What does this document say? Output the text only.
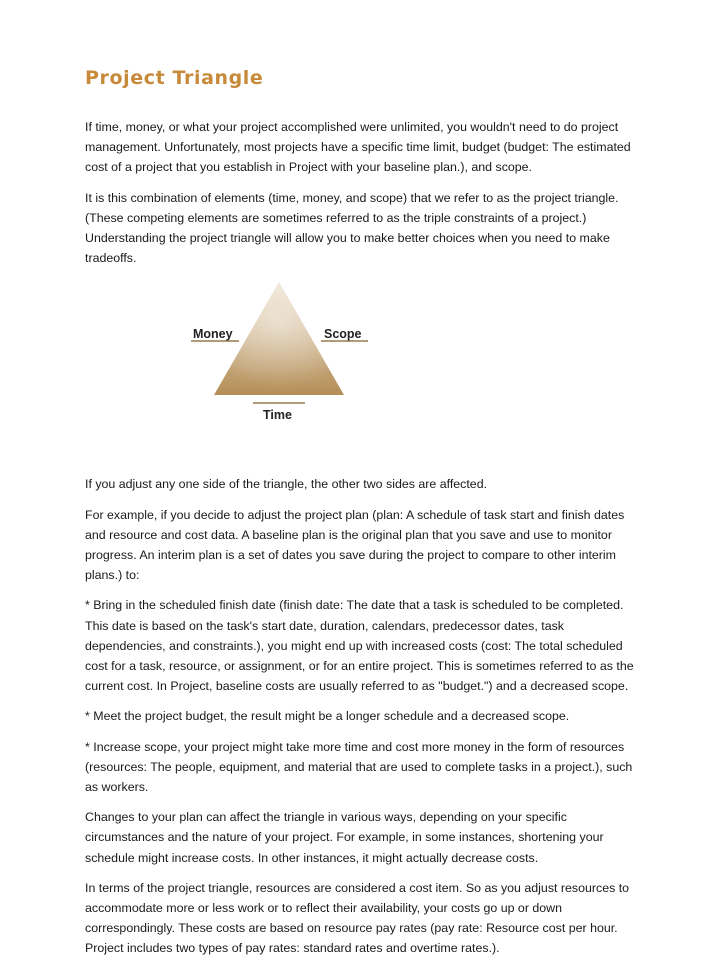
Project Triangle

If time, money, or what your project accomplished were unlimited, you wouldn't need to do project management. Unfortunately, most projects have a specific time limit, budget (budget: The estimated cost of a project that you establish in Project with your baseline plan.), and scope.

It is this combination of elements (time, money, and scope) that we refer to as the project triangle. (These competing elements are sometimes referred to as the triple constraints of a project.) Understanding the project triangle will allow you to make better choices when you need to make tradeoffs.

Money	Scope
Time

If you adjust any one side of the triangle, the other two sides are affected.

For example, if you decide to adjust the project plan (plan: A schedule of task start and finish dates and resource and cost data. A baseline plan is the original plan that you save and use to monitor progress. An interim plan is a set of dates you save during the project to compare to other interim plans.) to:

* Bring in the scheduled finish date (finish date: The date that a task is scheduled to be completed. This date is based on the task's start date, duration, calendars, predecessor dates, task dependencies, and constraints.), you might end up with increased costs (cost: The total scheduled cost for a task, resource, or assignment, or for an entire project. This is sometimes referred to as the current cost. In Project, baseline costs are usually referred to as "budget.") and a decreased scope.

* Meet the project budget, the result might be a longer schedule and a decreased scope.

* Increase scope, your project might take more time and cost more money in the form of resources (resources: The people, equipment, and material that are used to complete tasks in a project.), such as workers.

Changes to your plan can affect the triangle in various ways, depending on your specific circumstances and the nature of your project. For example, in some instances, shortening your schedule might increase costs. In other instances, it might actually decrease costs.

In terms of the project triangle, resources are considered a cost item. So as you adjust resources to accommodate more or less work or to reflect their availability, your costs go up or down correspondingly. These costs are based on resource pay rates (pay rate: Resource cost per hour. Project includes two types of pay rates: standard rates and overtime rates.).
